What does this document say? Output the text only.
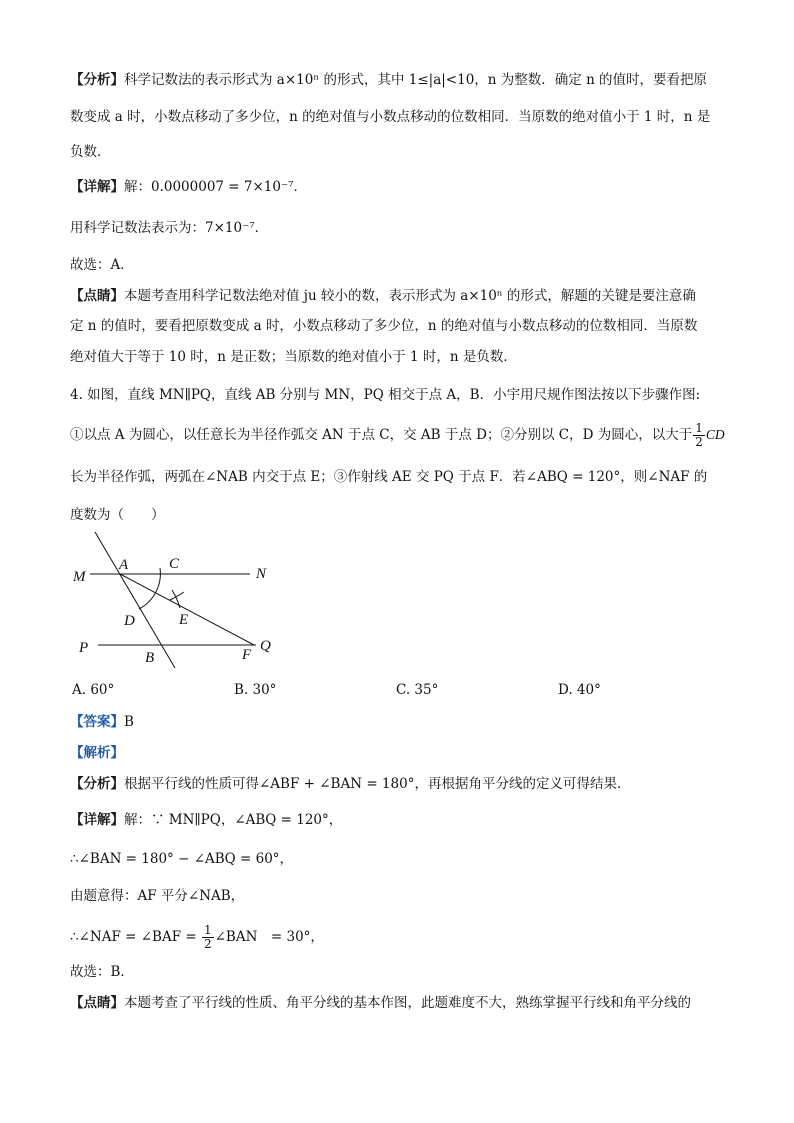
【分析】科学记数法的表示形式为 a×10ⁿ 的形式，其中 1≤|a|<10，n 为整数．确定 n 的值时，要看把原
数变成 a 时，小数点移动了多少位，n 的绝对值与小数点移动的位数相同．当原数的绝对值小于 1 时，n 是
负数．
【详解】解：0.0000007 = 7×10⁻⁷．
用科学记数法表示为：7×10⁻⁷．
故选：A．
【点睛】本题考查用科学记数法绝对值 ju 较小的数，表示形式为 a×10ⁿ 的形式，解题的关键是要注意确
定 n 的值时，要看把原数变成 a 时，小数点移动了多少位，n 的绝对值与小数点移动的位数相同．当原数
绝对值大于等于 10 时，n 是正数；当原数的绝对值小于 1 时，n 是负数．
4. 如图，直线 MN∥PQ，直线 AB 分别与 MN，PQ 相交于点 A，B．小宇用尺规作图法按以下步骤作图:
①以点 A 为圆心，以任意长为半径作弧交 AN 于点 C，交 AB 于点 D；②分别以 C，D 为圆心，以大于 $\frac{1}{2}$ CD
长为半径作弧，两弧在∠NAB 内交于点 E；③作射线 AE 交 PQ 于点 F．若∠ABQ = 120°，则∠NAF 的
度数为（　　）
M
A	C
N
D	E
P
B	F
Q
A. 60°	B. 30°	C. 35°	D. 40°
【答案】B
【解析】
【分析】根据平行线的性质可得∠ABF + ∠BAN = 180°，再根据角平分线的定义可得结果．
【详解】解：∵ MN∥PQ，∠ABQ = 120°，
∴∠BAN = 180° − ∠ABQ = 60°，
由题意得：AF 平分∠NAB，
∴∠NAF = ∠BAF = $\frac{1}{2}$ ∠BAN　= 30°，
故选：B．
【点睛】本题考查了平行线的性质、角平分线的基本作图，此题难度不大，熟练掌握平行线和角平分线的
